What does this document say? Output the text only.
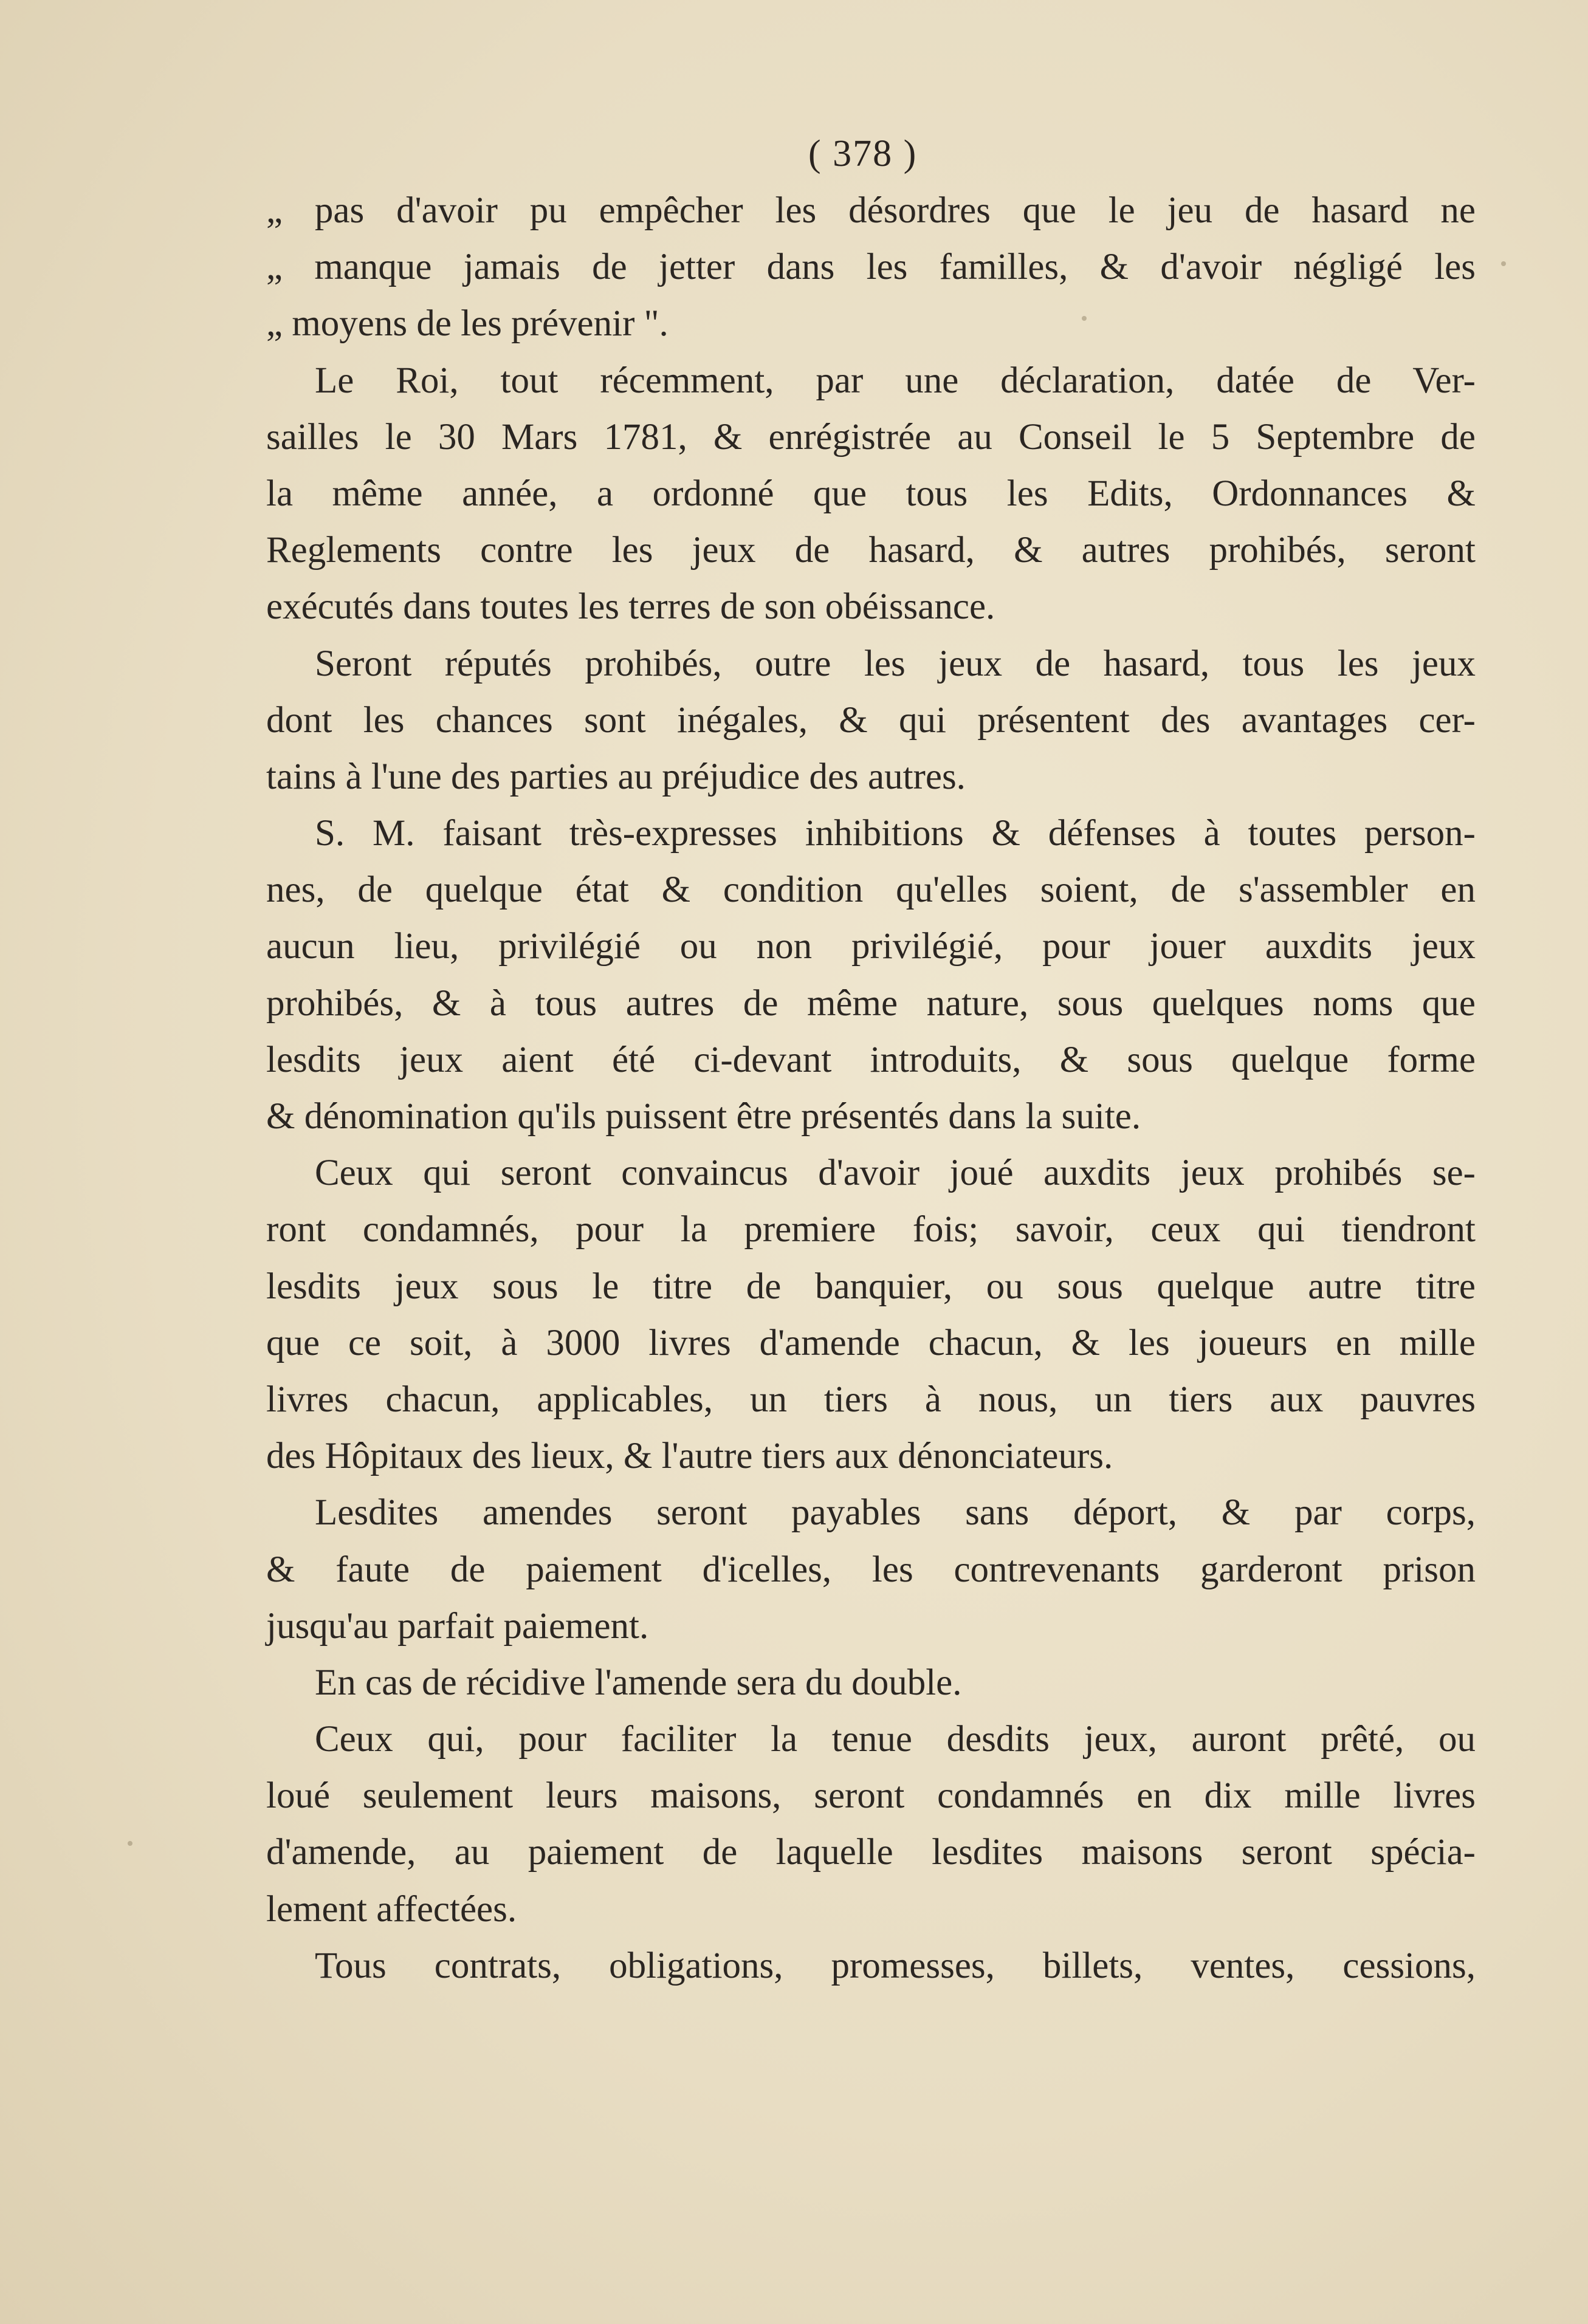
( 378 )
„ pas d'avoir pu empêcher les désordres que le jeu de hasard ne
„ manque jamais de jetter dans les familles, & d'avoir négligé les
„ moyens de les prévenir ".
Le Roi, tout récemment, par une déclaration, datée de Ver-
sailles le 30 Mars 1781, & enrégistrée au Conseil le 5 Septembre de
la même année, a ordonné que tous les Edits, Ordonnances &
Reglements contre les jeux de hasard, & autres prohibés, seront
exécutés dans toutes les terres de son obéissance.
Seront réputés prohibés, outre les jeux de hasard, tous les jeux
dont les chances sont inégales, & qui présentent des avantages cer-
tains à l'une des parties au préjudice des autres.
S. M. faisant très-expresses inhibitions & défenses à toutes person-
nes, de quelque état & condition qu'elles soient, de s'assembler en
aucun lieu, privilégié ou non privilégié, pour jouer auxdits jeux
prohibés, & à tous autres de même nature, sous quelques noms que
lesdits jeux aient été ci-devant introduits, & sous quelque forme
& dénomination qu'ils puissent être présentés dans la suite.
Ceux qui seront convaincus d'avoir joué auxdits jeux prohibés se-
ront condamnés, pour la premiere fois; savoir, ceux qui tiendront
lesdits jeux sous le titre de banquier, ou sous quelque autre titre
que ce soit, à 3000 livres d'amende chacun, & les joueurs en mille
livres chacun, applicables, un tiers à nous, un tiers aux pauvres
des Hôpitaux des lieux, & l'autre tiers aux dénonciateurs.
Lesdites amendes seront payables sans déport, & par corps,
& faute de paiement d'icelles, les contrevenants garderont prison
jusqu'au parfait paiement.
En cas de récidive l'amende sera du double.
Ceux qui, pour faciliter la tenue desdits jeux, auront prêté, ou
loué seulement leurs maisons, seront condamnés en dix mille livres
d'amende, au paiement de laquelle lesdites maisons seront spécia-
lement affectées.
Tous contrats, obligations, promesses, billets, ventes, cessions,
